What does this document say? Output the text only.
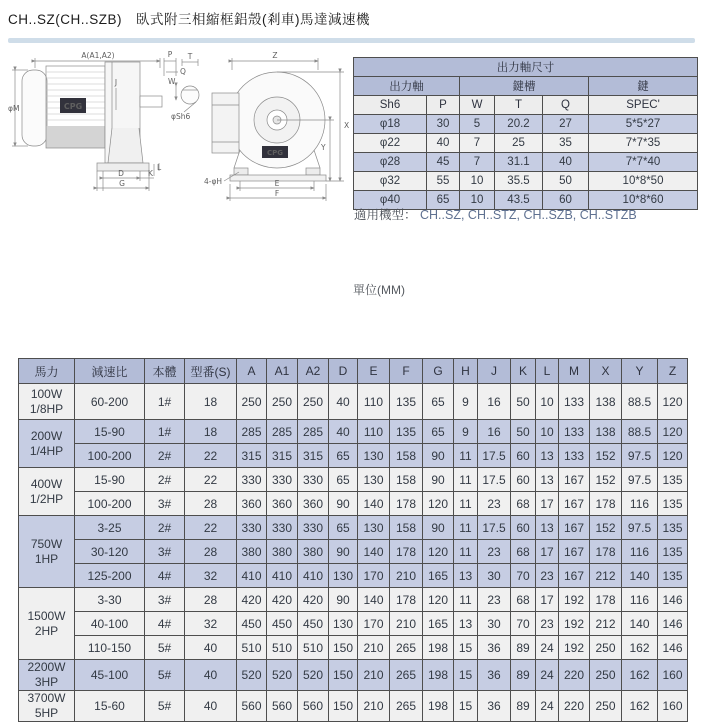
CH..SZ(CH..SZB)　臥式附三相縮框鋁殼(剎車)馬達減速機
CPG
CPG
A(A1,A2)	P
Q
φM
J
D
G
K
L
W
T
φSh6
Z
X
Y
E
F
4-φH
出力軸尺寸					
出力軸		鍵槽			鍵
Sh6	P	W	T	Q	SPEC'
φ18	30	5	20.2	27	5*5*27
φ22	40	7	25	35	7*7*35
φ28	45	7	31.1	40	7*7*40
φ32	55	10	35.5	50	10*8*50
φ40	65	10	43.5	60	10*8*60
適用機型： CH..SZ, CH..STZ, CH..SZB, CH..STZB
單位(MM)
馬力	減速比	本體	型番(S)	A	A1	A2	D	E	F	G	H	J	K	L	M	X	Y	Z
100W
1/8HP	60-200	1#	18	250	250	250	40	110	135	65	9	16	50	10	133	138	88.5	120
200W
1/4HP	15-90	1#	18	285	285	285	40	110	135	65	9	16	50	10	133	138	88.5	120
	100-200	2#	22	315	315	315	65	130	158	90	11	17.5	60	13	133	152	97.5	120
400W
1/2HP	15-90	2#	22	330	330	330	65	130	158	90	11	17.5	60	13	167	152	97.5	135
	100-200	3#	28	360	360	360	90	140	178	120	11	23	68	17	167	178	116	135
750W
1HP	3-25	2#	22	330	330	330	65	130	158	90	11	17.5	60	13	167	152	97.5	135
	30-120	3#	28	380	380	380	90	140	178	120	11	23	68	17	167	178	116	135
	125-200	4#	32	410	410	410	130	170	210	165	13	30	70	23	167	212	140	135
1500W
2HP	3-30	3#	28	420	420	420	90	140	178	120	11	23	68	17	192	178	116	146
	40-100	4#	32	450	450	450	130	170	210	165	13	30	70	23	192	212	140	146
	110-150	5#	40	510	510	510	150	210	265	198	15	36	89	24	192	250	162	146
2200W
3HP	45-100	5#	40	520	520	520	150	210	265	198	15	36	89	24	220	250	162	160
3700W
5HP	15-60	5#	40	560	560	560	150	210	265	198	15	36	89	24	220	250	162	160
